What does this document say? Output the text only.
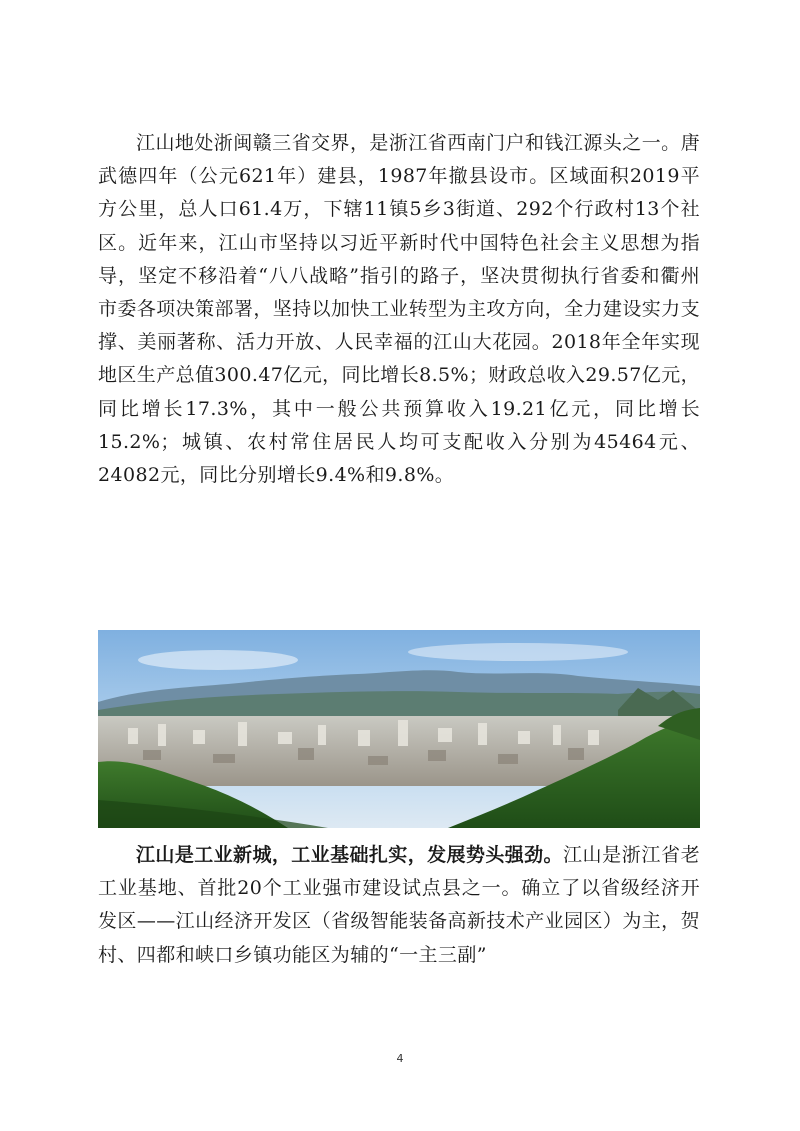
江山地处浙闽赣三省交界，是浙江省西南门户和钱江源头之一。唐武德四年（公元621年）建县，1987年撤县设市。区域面积2019平方公里，总人口61.4万，下辖11镇5乡3街道、292个行政村13个社区。近年来，江山市坚持以习近平新时代中国特色社会主义思想为指导，坚定不移沿着“八八战略”指引的路子，坚决贯彻执行省委和衢州市委各项决策部署，坚持以加快工业转型为主攻方向，全力建设实力支撑、美丽著称、活力开放、人民幸福的江山大花园。2018年全年实现地区生产总值300.47亿元，同比增长8.5%；财政总收入29.57亿元，同比增长17.3%，其中一般公共预算收入19.21亿元，同比增长15.2%；城镇、农村常住居民人均可支配收入分别为45464元、24082元，同比分别增长9.4%和9.8%。

江山是工业新城，工业基础扎实，发展势头强劲。江山是浙江省老工业基地、首批20个工业强市建设试点县之一。确立了以省级经济开发区——江山经济开发区（省级智能装备高新技术产业园区）为主，贺村、四都和峡口乡镇功能区为辅的“一主三副”

4
